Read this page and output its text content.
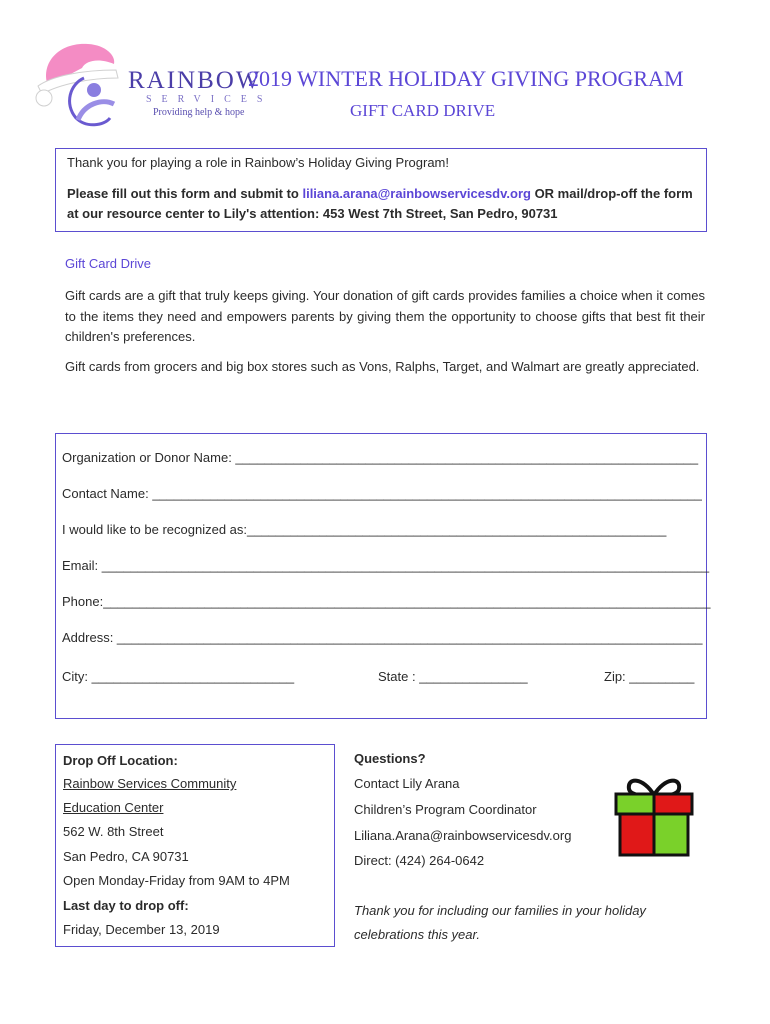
RAINBOW
SERVICES
Providing help & hope
2019 WINTER HOLIDAY GIVING PROGRAM
GIFT CARD DRIVE

Thank you for playing a role in Rainbow’s Holiday Giving Program!

Please fill out this form and submit to liliana.arana@rainbowservicesdv.org OR mail/drop-off the form at our resource center to Lily's attention: 453 West 7th Street, San Pedro, 90731

Gift Card Drive
Gift cards are a gift that truly keeps giving. Your donation of gift cards provides families a choice when it comes to the items they need and empowers parents by giving them the opportunity to choose gifts that best fit their children's preferences.
Gift cards from grocers and big box stores such as Vons, Ralphs, Target, and Walmart are greatly appreciated.
Organization or Donor Name: ________________________________________________________________
Contact Name: ____________________________________________________________________________
I would like to be recognized as:__________________________________________________________
Email: ____________________________________________________________________________________
Phone:____________________________________________________________________________________
Address: _________________________________________________________________________________
City: ____________________________	State : _______________	Zip: _________
Drop Off Location:
Rainbow Services Community
Education Center
562 W. 8th Street
San Pedro, CA 90731
Open Monday-Friday from 9AM to 4PM
Last day to drop off:
Friday, December 13, 2019
Questions?
Contact Lily Arana
Children’s Program Coordinator
Liliana.Arana@rainbowservicesdv.org
Direct: (424) 264-0642
Thank you for including our families in your holiday
celebrations this year.
